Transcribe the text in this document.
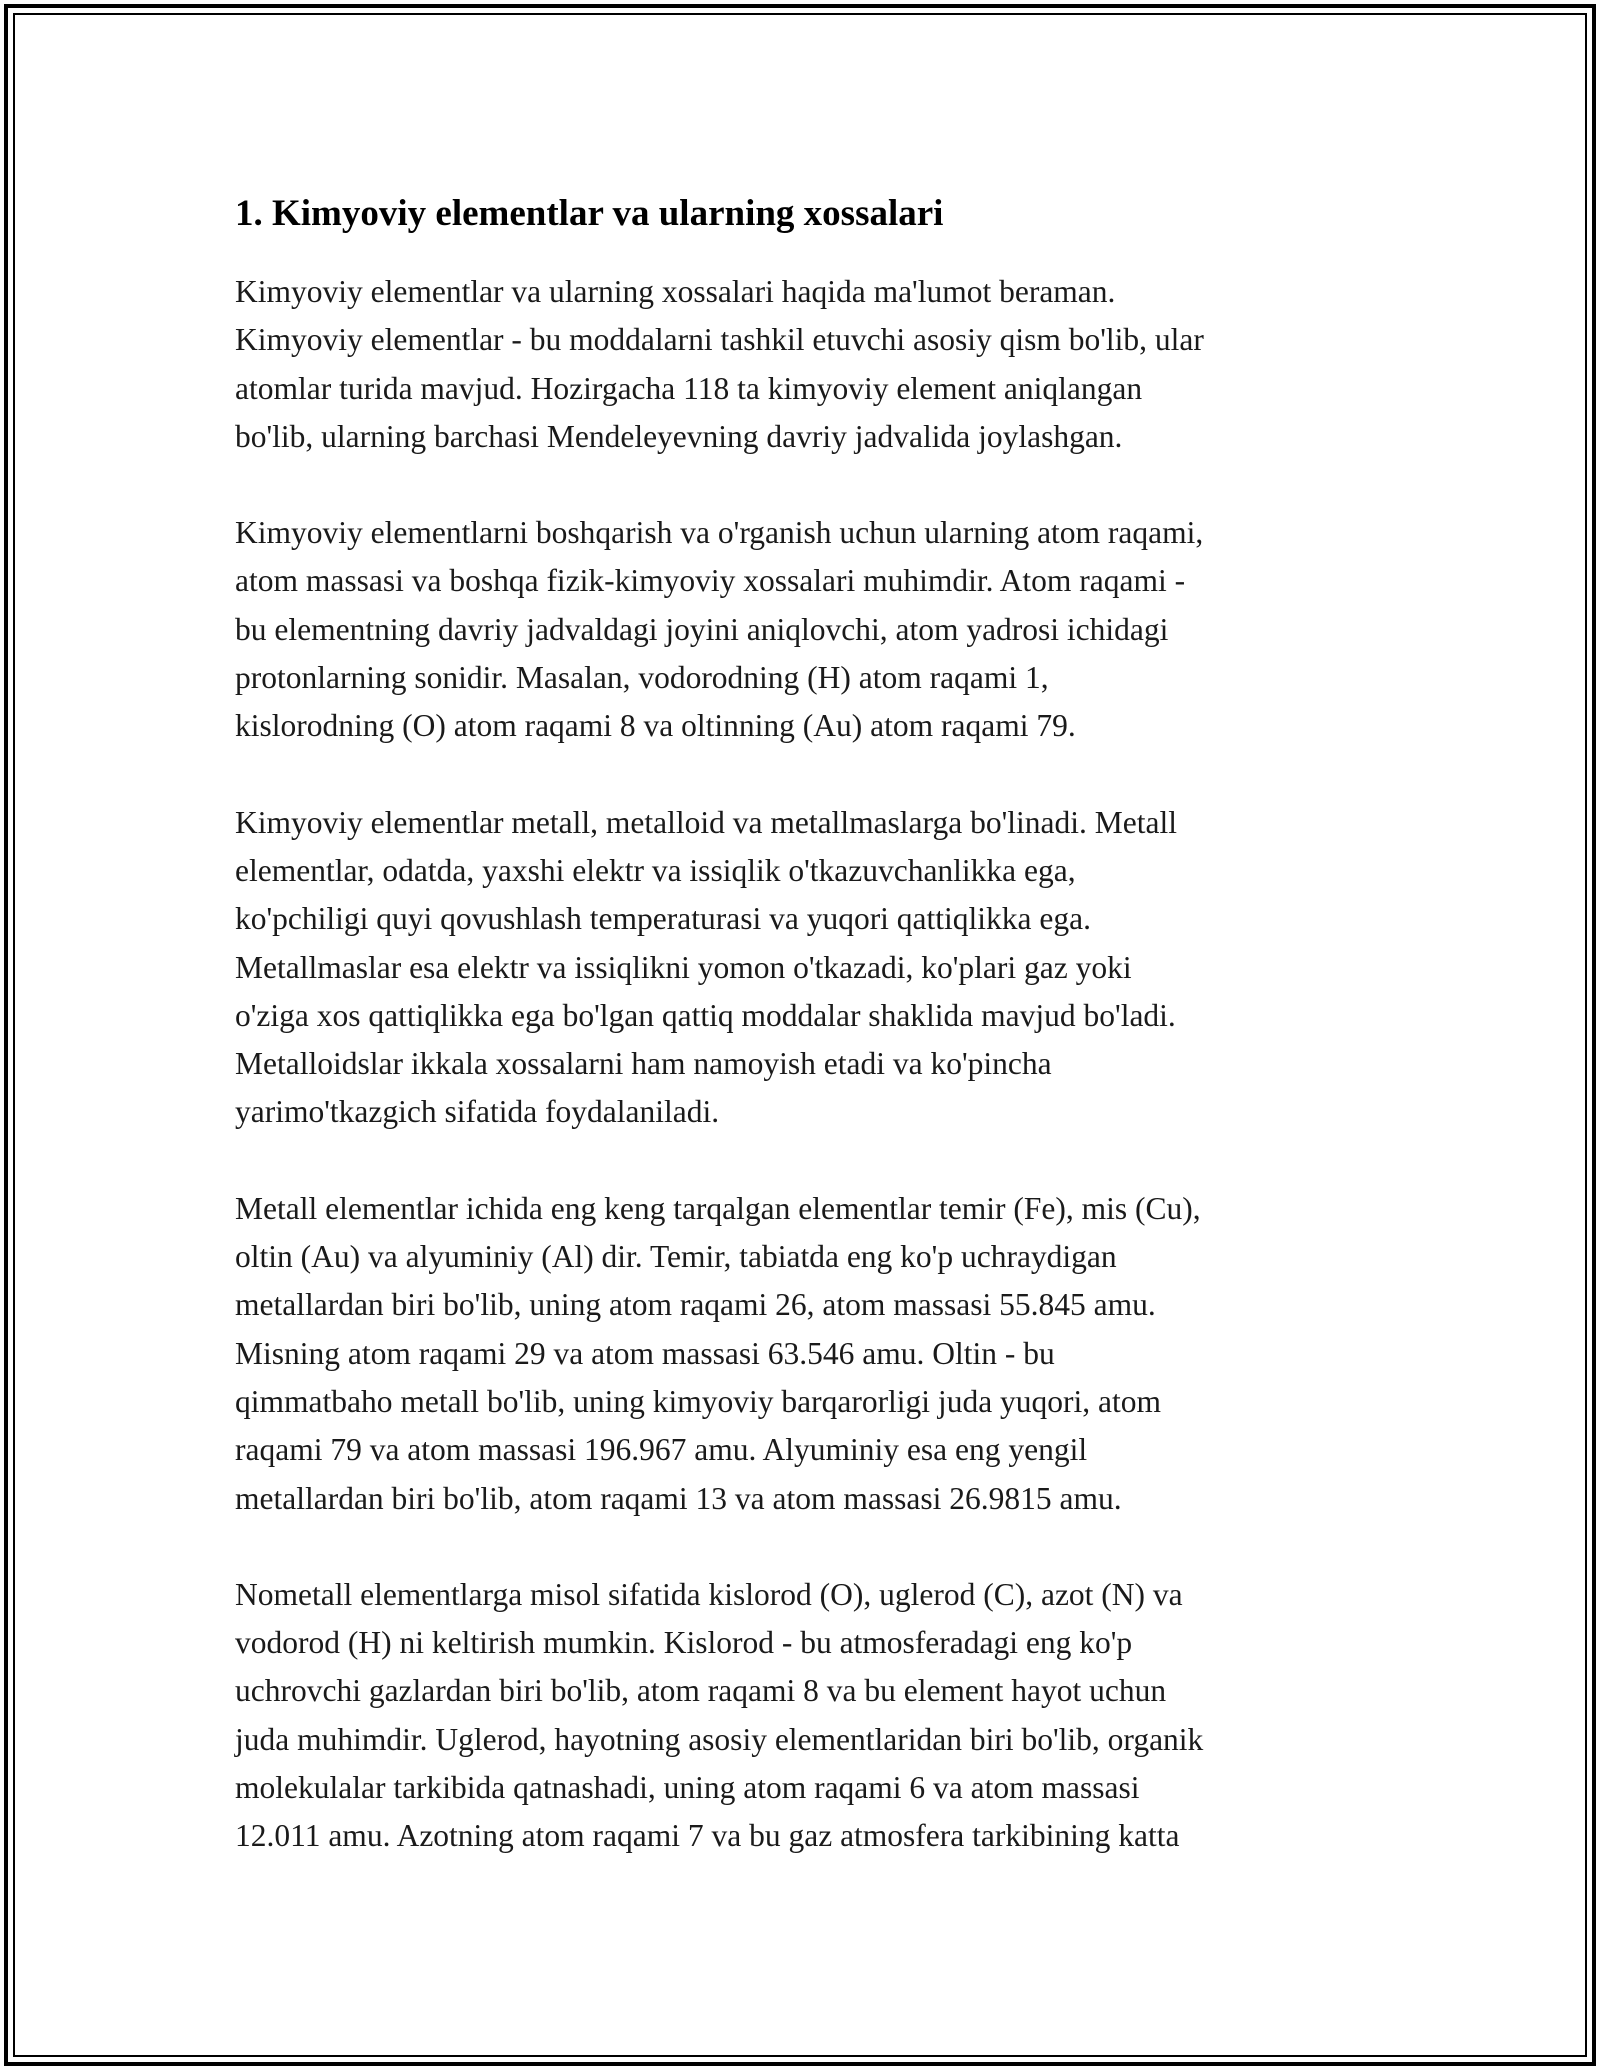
1. Kimyoviy elementlar va ularning xossalari

Kimyoviy elementlar va ularning xossalari haqida ma'lumot beraman.
Kimyoviy elementlar - bu moddalarni tashkil etuvchi asosiy qism bo'lib, ular
atomlar turida mavjud. Hozirgacha 118 ta kimyoviy element aniqlangan
bo'lib, ularning barchasi Mendeleyevning davriy jadvalida joylashgan.

Kimyoviy elementlarni boshqarish va o'rganish uchun ularning atom raqami,
atom massasi va boshqa fizik-kimyoviy xossalari muhimdir. Atom raqami -
bu elementning davriy jadvaldagi joyini aniqlovchi, atom yadrosi ichidagi
protonlarning sonidir. Masalan, vodorodning (H) atom raqami 1,
kislorodning (O) atom raqami 8 va oltinning (Au) atom raqami 79.

Kimyoviy elementlar metall, metalloid va metallmaslarga bo'linadi. Metall
elementlar, odatda, yaxshi elektr va issiqlik o'tkazuvchanlikka ega,
ko'pchiligi quyi qovushlash temperaturasi va yuqori qattiqlikka ega.
Metallmaslar esa elektr va issiqlikni yomon o'tkazadi, ko'plari gaz yoki
o'ziga xos qattiqlikka ega bo'lgan qattiq moddalar shaklida mavjud bo'ladi.
Metalloidslar ikkala xossalarni ham namoyish etadi va ko'pincha
yarimo'tkazgich sifatida foydalaniladi.

Metall elementlar ichida eng keng tarqalgan elementlar temir (Fe), mis (Cu),
oltin (Au) va alyuminiy (Al) dir. Temir, tabiatda eng ko'p uchraydigan
metallardan biri bo'lib, uning atom raqami 26, atom massasi 55.845 amu.
Misning atom raqami 29 va atom massasi 63.546 amu. Oltin - bu
qimmatbaho metall bo'lib, uning kimyoviy barqarorligi juda yuqori, atom
raqami 79 va atom massasi 196.967 amu. Alyuminiy esa eng yengil
metallardan biri bo'lib, atom raqami 13 va atom massasi 26.9815 amu.

Nometall elementlarga misol sifatida kislorod (O), uglerod (C), azot (N) va
vodorod (H) ni keltirish mumkin. Kislorod - bu atmosferadagi eng ko'p
uchrovchi gazlardan biri bo'lib, atom raqami 8 va bu element hayot uchun
juda muhimdir. Uglerod, hayotning asosiy elementlaridan biri bo'lib, organik
molekulalar tarkibida qatnashadi, uning atom raqami 6 va atom massasi
12.011 amu. Azotning atom raqami 7 va bu gaz atmosfera tarkibining katta
